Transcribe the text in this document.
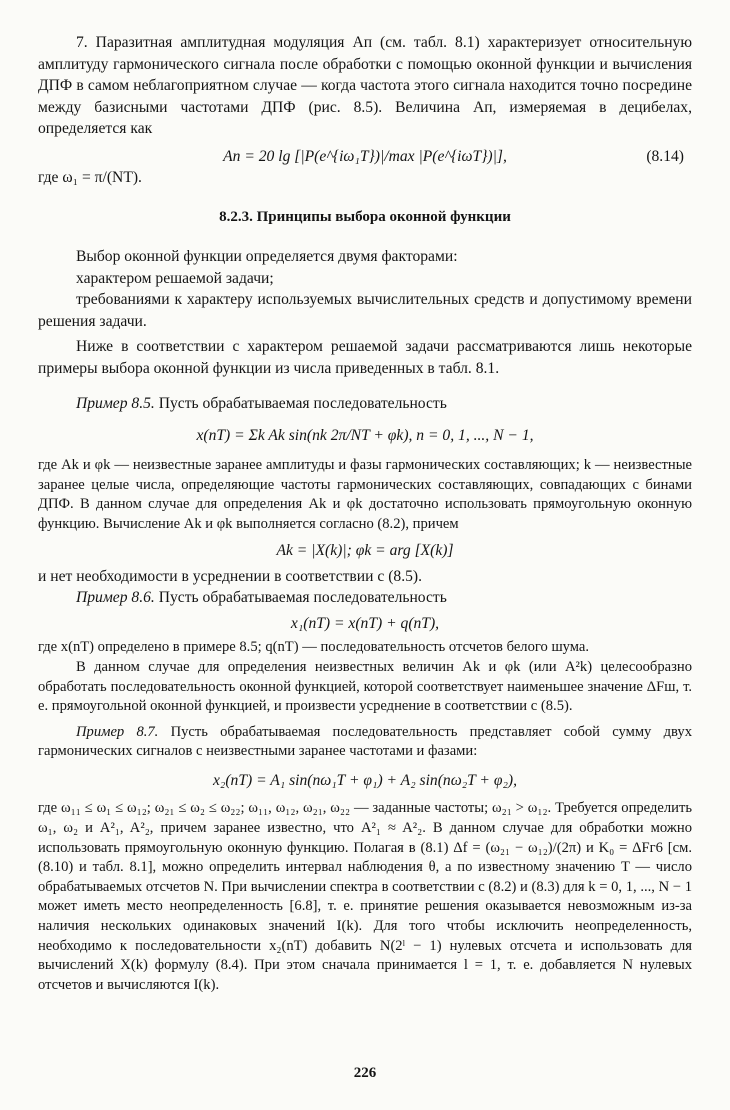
7. Паразитная амплитудная модуляция Aп (см. табл. 8.1) характеризует относительную амплитуду гармонического сигнала после обработки с помощью оконной функции и вычисления ДПФ в самом неблагоприятном случае — когда частота этого сигнала находится точно посредине между базисными частотами ДПФ (рис. 8.5). Величина Aп, измеряемая в децибелах, определяется как

Aп = 20 lg [|P(e^{iω₁T})|/max |P(e^{iωT})|],	(8.14)

где ω₁ = π/(NT).

8.2.3. Принципы выбора оконной функции

Выбор оконной функции определяется двумя факторами:

характером решаемой задачи;

требованиями к характеру используемых вычислительных средств и допустимому времени решения задачи.

Ниже в соответствии с характером решаемой задачи рассматриваются лишь некоторые примеры выбора оконной функции из числа приведенных в табл. 8.1.

Пример 8.5. Пусть обрабатываемая последовательность

x(nT) = Σk Ak sin(nk 2π/NT + φk), n = 0, 1, ..., N − 1,

где Ak и φk — неизвестные заранее амплитуды и фазы гармонических составляющих; k — неизвестные заранее целые числа, определяющие частоты гармонических составляющих, совпадающих с бинами ДПФ. В данном случае для определения Ak и φk достаточно использовать прямоугольную оконную функцию. Вычисление Ak и φk выполняется согласно (8.2), причем

Ak = |X(k)|; φk = arg [X(k)]

и нет необходимости в усреднении в соответствии с (8.5).

Пример 8.6. Пусть обрабатываемая последовательность

x₁(nT) = x(nT) + q(nT),

где x(nT) определено в примере 8.5; q(nT) — последовательность отсчетов белого шума.

В данном случае для определения неизвестных величин Ak и φk (или A²k) целесообразно обработать последовательность оконной функцией, которой соответствует наименьшее значение ΔFш, т. е. прямоугольной оконной функцией, и произвести усреднение в соответствии с (8.5).

Пример 8.7. Пусть обрабатываемая последовательность представляет собой сумму двух гармонических сигналов с неизвестными заранее частотами и фазами:

x₂(nT) = A₁ sin(nω₁T + φ₁) + A₂ sin(nω₂T + φ₂),

где ω₁₁ ≤ ω₁ ≤ ω₁₂; ω₂₁ ≤ ω₂ ≤ ω₂₂; ω₁₁, ω₁₂, ω₂₁, ω₂₂ — заданные частоты; ω₂₁ > ω₁₂. Требуется определить ω₁, ω₂ и A²₁, A²₂, причем заранее известно, что A²₁ ≈ A²₂. В данном случае для обработки можно использовать прямоугольную оконную функцию. Полагая в (8.1) Δf = (ω₂₁ − ω₁₂)/(2π) и K₀ = ΔFг6 [см. (8.10) и табл. 8.1], можно определить интервал наблюдения θ, а по известному значению T — число обрабатываемых отсчетов N. При вычислении спектра в соответствии с (8.2) и (8.3) для k = 0, 1, ..., N − 1 может иметь место неопределенность [6.8], т. е. принятие решения оказывается невозможным из-за наличия нескольких одинаковых значений I(k). Для того чтобы исключить неопределенность, необходимо к последовательности x₂(nT) добавить N(2ˡ − 1) нулевых отсчета и использовать для вычислений X(k) формулу (8.4). При этом сначала принимается l = 1, т. е. добавляется N нулевых отсчетов и вычисляются I(k).

226
